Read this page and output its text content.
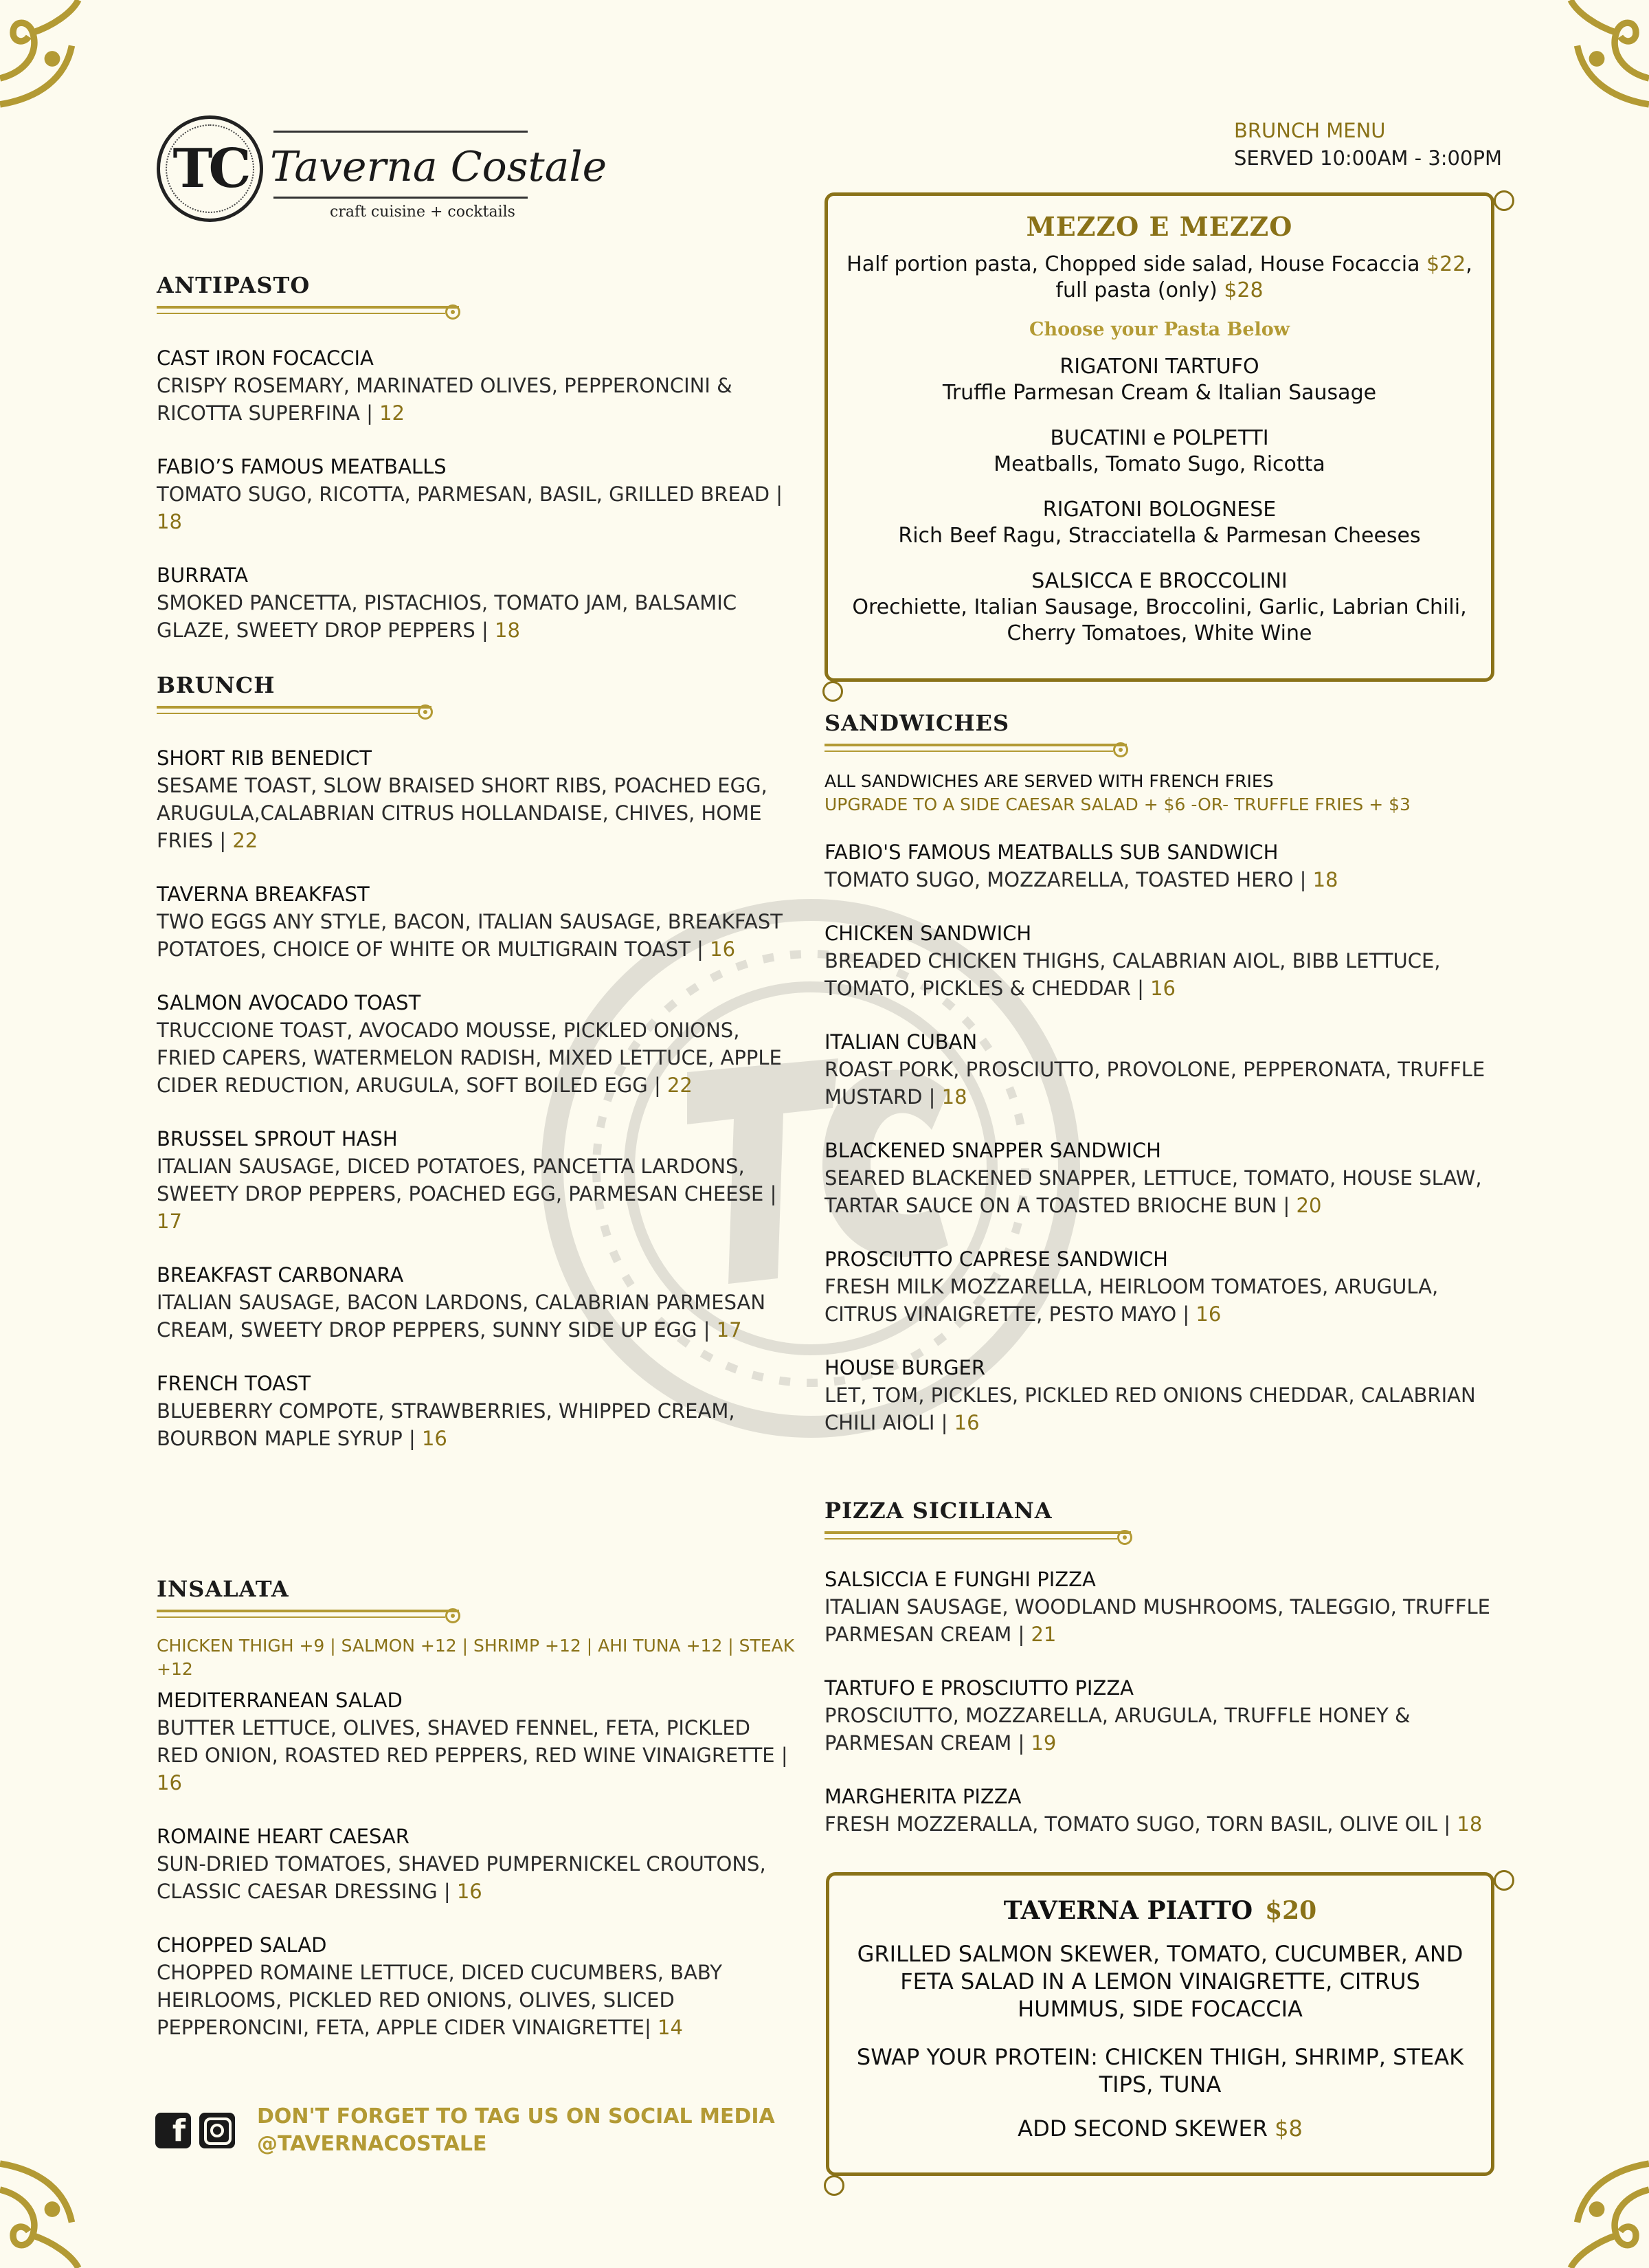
TC Taverna Costale
craft cuisine + cocktails
BRUNCH MENU
SERVED 10:00AM - 3:00PM
ANTIPASTO
CAST IRON FOCACCIA
CRISPY ROSEMARY, MARINATED OLIVES, PEPPERONCINI & RICOTTA SUPERFINA | 12
FABIO’S FAMOUS MEATBALLS
TOMATO SUGO, RICOTTA, PARMESAN, BASIL, GRILLED BREAD | 18
BURRATA
SMOKED PANCETTA, PISTACHIOS, TOMATO JAM, BALSAMIC GLAZE, SWEETY DROP PEPPERS | 18
BRUNCH
SHORT RIB BENEDICT
SESAME TOAST, SLOW BRAISED SHORT RIBS, POACHED EGG, ARUGULA,CALABRIAN CITRUS HOLLANDAISE, CHIVES, HOME FRIES | 22
TAVERNA BREAKFAST
TWO EGGS ANY STYLE, BACON, ITALIAN SAUSAGE, BREAKFAST POTATOES, CHOICE OF WHITE OR MULTIGRAIN TOAST | 16
SALMON AVOCADO TOAST
TRUCCIONE TOAST, AVOCADO MOUSSE, PICKLED ONIONS, FRIED CAPERS, WATERMELON RADISH, MIXED LETTUCE, APPLE CIDER REDUCTION, ARUGULA, SOFT BOILED EGG | 22
BRUSSEL SPROUT HASH
ITALIAN SAUSAGE, DICED POTATOES, PANCETTA LARDONS, SWEETY DROP PEPPERS, POACHED EGG, PARMESAN CHEESE | 17
BREAKFAST CARBONARA
ITALIAN SAUSAGE, BACON LARDONS, CALABRIAN PARMESAN CREAM, SWEETY DROP PEPPERS, SUNNY SIDE UP EGG | 17
FRENCH TOAST
BLUEBERRY COMPOTE, STRAWBERRIES, WHIPPED CREAM, BOURBON MAPLE SYRUP | 16
INSALATA
CHICKEN THIGH +9 | SALMON +12 | SHRIMP +12 | AHI TUNA +12 | STEAK +12
MEDITERRANEAN SALAD
BUTTER LETTUCE, OLIVES, SHAVED FENNEL, FETA, PICKLED RED ONION, ROASTED RED PEPPERS, RED WINE VINAIGRETTE | 16
ROMAINE HEART CAESAR
SUN-DRIED TOMATOES, SHAVED PUMPERNICKEL CROUTONS, CLASSIC CAESAR DRESSING | 16
CHOPPED SALAD
CHOPPED ROMAINE LETTUCE, DICED CUCUMBERS, BABY HEIRLOOMS, PICKLED RED ONIONS, OLIVES, SLICED PEPPERONCINI, FETA, APPLE CIDER VINAIGRETTE| 14
MEZZO E MEZZO
Half portion pasta, Chopped side salad, House Focaccia $22, full pasta (only) $28
Choose your Pasta Below
RIGATONI TARTUFO
Truffle Parmesan Cream & Italian Sausage
BUCATINI e POLPETTI
Meatballs, Tomato Sugo, Ricotta
RIGATONI BOLOGNESE
Rich Beef Ragu, Stracciatella & Parmesan Cheeses
SALSICCA E BROCCOLINI
Orechiette, Italian Sausage, Broccolini, Garlic, Labrian Chili, Cherry Tomatoes, White Wine
SANDWICHES
ALL SANDWICHES ARE SERVED WITH FRENCH FRIES
UPGRADE TO A SIDE CAESAR SALAD + $6 -OR- TRUFFLE FRIES + $3
FABIO'S FAMOUS MEATBALLS SUB SANDWICH
TOMATO SUGO, MOZZARELLA, TOASTED HERO | 18
CHICKEN SANDWICH
BREADED CHICKEN THIGHS, CALABRIAN AIOL, BIBB LETTUCE, TOMATO, PICKLES & CHEDDAR | 16
ITALIAN CUBAN
ROAST PORK, PROSCIUTTO, PROVOLONE, PEPPERONATA, TRUFFLE MUSTARD | 18
BLACKENED SNAPPER SANDWICH
SEARED BLACKENED SNAPPER, LETTUCE, TOMATO, HOUSE SLAW, TARTAR SAUCE ON A TOASTED BRIOCHE BUN | 20
PROSCIUTTO CAPRESE SANDWICH
FRESH MILK MOZZARELLA, HEIRLOOM TOMATOES, ARUGULA, CITRUS VINAIGRETTE, PESTO MAYO | 16
HOUSE BURGER
LET, TOM, PICKLES, PICKLED RED ONIONS CHEDDAR, CALABRIAN CHILI AIOLI | 16
PIZZA SICILIANA
SALSICCIA E FUNGHI PIZZA
ITALIAN SAUSAGE, WOODLAND MUSHROOMS, TALEGGIO, TRUFFLE PARMESAN CREAM | 21
TARTUFO E PROSCIUTTO PIZZA
PROSCIUTTO, MOZZARELLA, ARUGULA, TRUFFLE HONEY & PARMESAN CREAM | 19
MARGHERITA PIZZA
FRESH MOZZERALLA, TOMATO SUGO, TORN BASIL, OLIVE OIL | 18
TAVERNA PIATTO $20
GRILLED SALMON SKEWER, TOMATO, CUCUMBER, AND FETA SALAD IN A LEMON VINAIGRETTE, CITRUS HUMMUS, SIDE FOCACCIA
SWAP YOUR PROTEIN: CHICKEN THIGH, SHRIMP, STEAK TIPS, TUNA
ADD SECOND SKEWER $8
f	DON'T FORGET TO TAG US ON SOCIAL MEDIA
@TAVERNACOSTALE
